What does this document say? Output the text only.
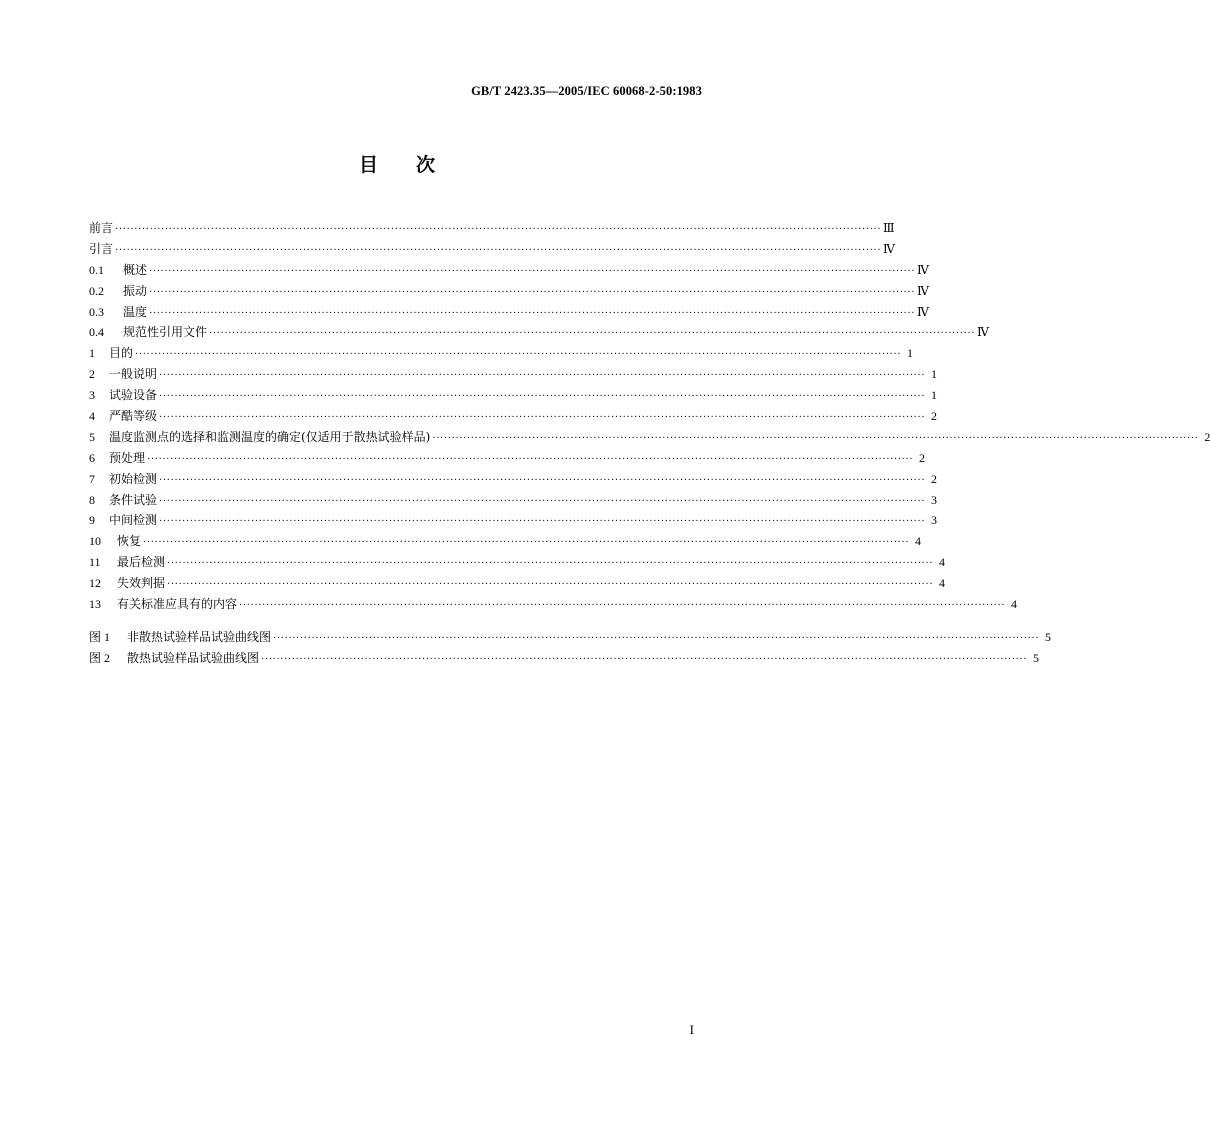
GB/T 2423.35—2005/IEC 60068-2-50:1983
目　　次
前言 ········································································································································································································ Ⅲ
引言 ········································································································································································································ Ⅳ
0.1	概述 ········································································································································································································ Ⅳ
0.2	振动 ········································································································································································································ Ⅳ
0.3	温度 ········································································································································································································ Ⅳ
0.4	规范性引用文件 ········································································································································································································ Ⅳ
1	目的 ········································································································································································································ 1
2	一般说明 ········································································································································································································ 1
3	试验设备 ········································································································································································································ 1
4	严酷等级 ········································································································································································································ 2
5	温度监测点的选择和监测温度的确定(仅适用于散热试验样品) ········································································································································································································ 2
6	预处理 ········································································································································································································ 2
7	初始检测 ········································································································································································································ 2
8	条件试验 ········································································································································································································ 3
9	中间检测 ········································································································································································································ 3
10	恢复 ········································································································································································································ 4
11	最后检测 ········································································································································································································ 4
12	失效判据 ········································································································································································································ 4
13	有关标准应具有的内容 ········································································································································································································ 4
图 1	非散热试验样品试验曲线图 ········································································································································································································ 5
图 2	散热试验样品试验曲线图 ········································································································································································································ 5
I
